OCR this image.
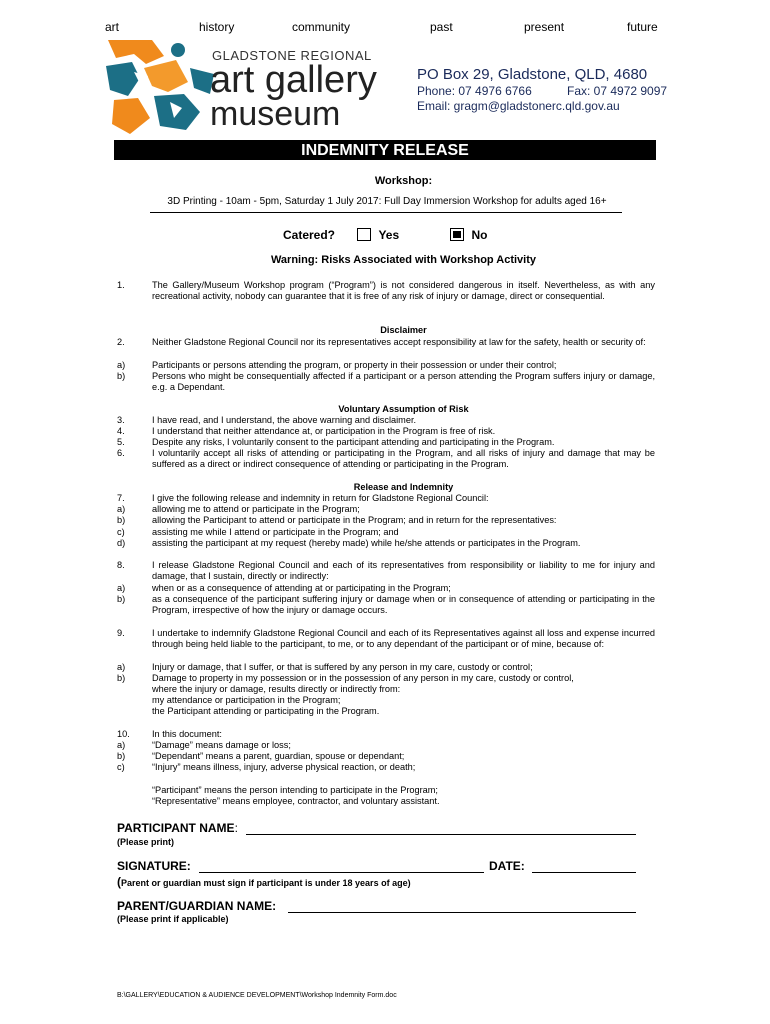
art	history	community	past	present	future
GLADSTONE REGIONAL
art gallery
museum
PO Box 29, Gladstone, QLD, 4680
Phone: 07 4976 6766	Fax: 07 4972 9097
Email: gragm@gladstonerc.qld.gov.au
INDEMNITY RELEASE
Workshop:
3D Printing - 10am - 5pm, Saturday 1 July 2017: Full Day Immersion Workshop for adults aged 16+
Catered?	Yes	No
Warning: Risks Associated with Workshop Activity
1.	The Gallery/Museum Workshop program (“Program”) is not considered dangerous in itself. Nevertheless, as with any recreational activity, nobody can guarantee that it is free of any risk of injury or damage, direct or consequential.
Disclaimer
2.	Neither Gladstone Regional Council nor its representatives accept responsibility at law for the safety, health or security of:
a)	Participants or persons attending the program, or property in their possession or under their control;
b)	Persons who might be consequentially affected if a participant or a person attending the Program suffers injury or damage, e.g. a Dependant.
Voluntary Assumption of Risk
3.	I have read, and I understand, the above warning and disclaimer.
4.	I understand that neither attendance at, or participation in the Program is free of risk.
5.	Despite any risks, I voluntarily consent to the participant attending and participating in the Program.
6.	I voluntarily accept all risks of attending or participating in the Program, and all risks of injury and damage that may be suffered as a direct or indirect consequence of attending or participating in the Program.
Release and Indemnity
7.	I give the following release and indemnity in return for Gladstone Regional Council:
a)	allowing me to attend or participate in the Program;
b)	allowing the Participant to attend or participate in the Program; and in return for the representatives:
c)	assisting me while I attend or participate in the Program; and
d)	assisting the participant at my request (hereby made) while he/she attends or participates in the Program.
8.	I release Gladstone Regional Council and each of its representatives from responsibility or liability to me for injury and damage, that I sustain, directly or indirectly:
a)	when or as a consequence of attending at or participating in the Program;
b)	as a consequence of the participant suffering injury or damage when or in consequence of attending or participating in the Program, irrespective of how the injury or damage occurs.
9.	I undertake to indemnify Gladstone Regional Council and each of its Representatives against all loss and expense incurred through being held liable to the participant, to me, or to any dependant of the participant or of mine, because of:
a)	Injury or damage, that I suffer, or that is suffered by any person in my care, custody or control;
b)	Damage to property in my possession or in the possession of any person in my care, custody or control,
where the injury or damage, results directly or indirectly from:
my attendance or participation in the Program;
the Participant attending or participating in the Program.
10. In this document:
a)	“Damage” means damage or loss;
b)	“Dependant” means a parent, guardian, spouse or dependant;
c)	“Injury” means illness, injury, adverse physical reaction, or death;
“Participant” means the person intending to participate in the Program;
“Representative” means employee, contractor, and voluntary assistant.
PARTICIPANT NAME:
(Please print)
SIGNATURE:	DATE:
(Parent or guardian must sign if participant is under 18 years of age)
PARENT/GUARDIAN NAME:
(Please print if applicable)
B:\GALLERY\EDUCATION & AUDIENCE DEVELOPMENT\Workshop Indemnity Form.doc
